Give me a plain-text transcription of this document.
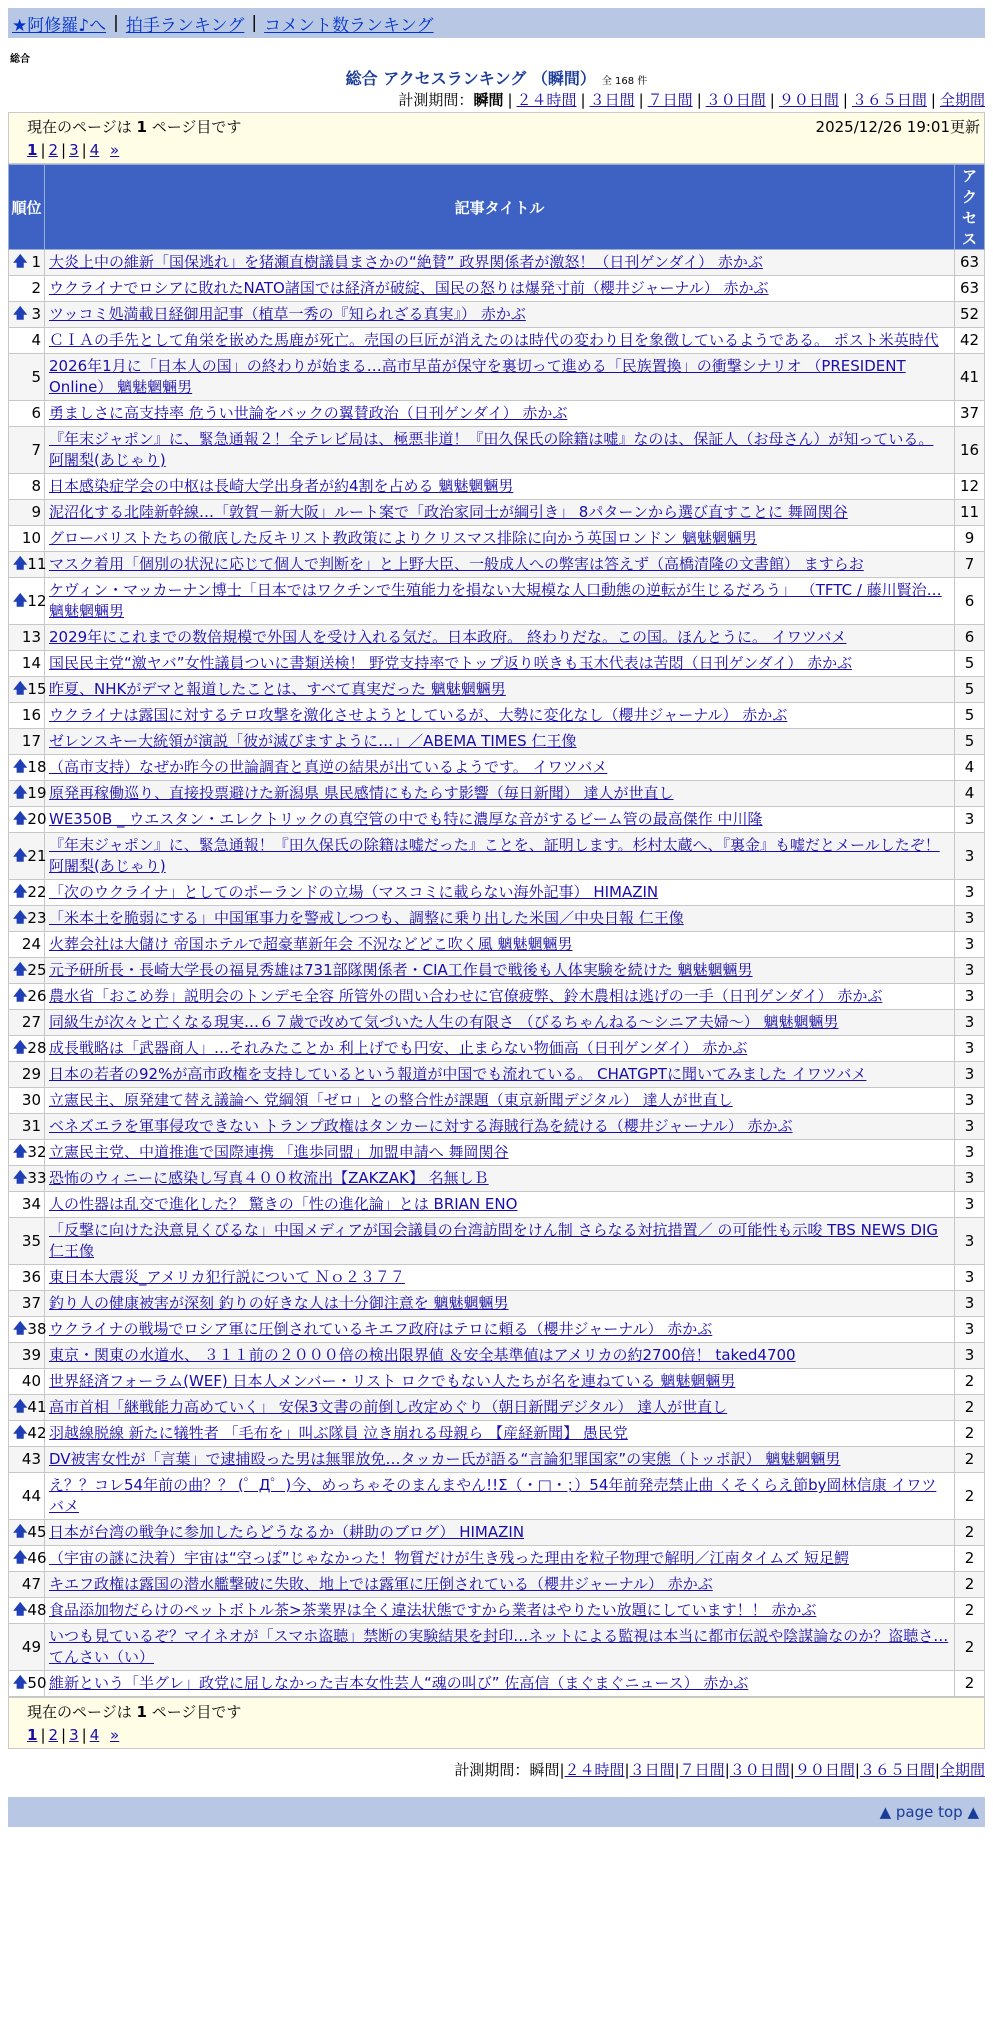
★阿修羅♪へ | 拍手ランキング | コメント数ランキング
総合
総合 アクセスランキング （瞬間） 全 168 件
計測期間：瞬間 | ２４時間 | ３日間 | ７日間 | ３０日間 | ９０日間 | ３６５日間 | 全期間
現在のページは 1 ページ目です	2025/12/26 19:01更新
1 | 2 | 3 | 4 »
順位	記事タイトル	アクセス

🡅 1	大炎上中の維新「国保逃れ」を猪瀬直樹議員まさかの“絶賛” 政界関係者が激怒！（日刊ゲンダイ） 赤かぶ	63
2	ウクライナでロシアに敗れたNATO諸国では経済が破綻、国民の怒りは爆発寸前（櫻井ジャーナル） 赤かぶ	63

🡅 3	ツッコミ処満載日経御用記事（植草一秀の『知られざる真実』） 赤かぶ	52
4	ＣＩＡの手先として角栄を嵌めた馬鹿が死亡。売国の巨匠が消えたのは時代の変わり目を象徴しているようである。 ポスト米英時代	42
5	2026年1月に「日本人の国」の終わりが始まる…高市早苗が保守を裏切って進める「民族置換」の衝撃シナリオ （PRESIDENT Online） 魑魅魍魎男	41
6	勇ましさに高支持率 危うい世論をバックの翼賛政治（日刊ゲンダイ） 赤かぶ	37
7	『年末ジャポン』に、緊急通報２！全テレビ局は、極悪非道！『田久保氏の除籍は嘘』なのは、保証人（お母さん）が知っている。 阿闍梨(あじゃり)	16
8	日本感染症学会の中枢は長崎大学出身者が約4割を占める 魑魅魍魎男	12
9	泥沼化する北陸新幹線…「敦賀－新大阪」ルート案で「政治家同士が綱引き」 8パターンから選び直すことに 舞岡関谷	11
10	グローバリストたちの徹底した反キリスト教政策によりクリスマス排除に向かう英国ロンドン 魑魅魍魎男	9

🡅 11	マスク着用「個別の状況に応じて個人で判断を」と上野大臣、一般成人への弊害は答えず（高橋清隆の文書館） ますらお	7

🡅 12	ケヴィン・マッカーナン博士「日本ではワクチンで生殖能力を損ない大規模な人口動態の逆転が生じるだろう」 （TFTC / 藤川賢治… 魑魅魍魎男	6
13	2029年にこれまでの数倍規模で外国人を受け入れる気だ。日本政府。 終わりだな。この国。ほんとうに。 イワツバメ	6
14	国民民主党“激ヤバ”女性議員ついに書類送検！ 野党支持率でトップ返り咲きも玉木代表は苦悶（日刊ゲンダイ） 赤かぶ	5

🡅 15	昨夏、NHKがデマと報道したことは、すべて真実だった 魑魅魍魎男	5
16	ウクライナは露国に対するテロ攻撃を激化させようとしているが、大勢に変化なし（櫻井ジャーナル） 赤かぶ	5
17	ゼレンスキー大統領が演説「彼が滅びますように…」／ABEMA TIMES 仁王像	5

🡅 18	（高市支持）なぜか昨今の世論調査と真逆の結果が出ているようです。 イワツバメ	4

🡅 19	原発再稼働巡り、直接投票避けた新潟県 県民感情にもたらす影響（毎日新聞） 達人が世直し	4

🡅 20	WE350B _ ウエスタン・エレクトリックの真空管の中でも特に濃厚な音がするビーム管の最高傑作 中川隆	3

🡅 21	『年末ジャポン』に、緊急通報！『田久保氏の除籍は嘘だった』ことを、証明します。杉村太蔵へ、『裏金』も嘘だとメールしたぞ！ 阿闍梨(あじゃり)	3

🡅 22	「次のウクライナ」としてのポーランドの立場（マスコミに載らない海外記事） HIMAZIN	3

🡅 23	「米本土を脆弱にする」中国軍事力を警戒しつつも、調整に乗り出した米国／中央日報 仁王像	3
24	火葬会社は大儲け 帝国ホテルで超豪華新年会 不況などどこ吹く風 魑魅魍魎男	3

🡅 25	元予研所長・長崎大学長の福見秀雄は731部隊関係者・CIA工作員で戦後も人体実験を続けた 魑魅魍魎男	3

🡅 26	農水省「おこめ券」説明会のトンデモ全容 所管外の問い合わせに官僚疲弊、鈴木農相は逃げの一手（日刊ゲンダイ） 赤かぶ	3
27	同級生が次々と亡くなる現実…６７歳で改めて気づいた人生の有限さ （びるちゃんねる～シニア夫婦～） 魑魅魍魎男	3

🡅 28	成長戦略は「武器商人」…それみたことか 利上げでも円安、止まらない物価高（日刊ゲンダイ） 赤かぶ	3
29	日本の若者の92%が高市政権を支持しているという報道が中国でも流れている。 CHATGPTに聞いてみました イワツバメ	3
30	立憲民主、原発建て替え議論へ 党綱領「ゼロ」との整合性が課題（東京新聞デジタル） 達人が世直し	3
31	ベネズエラを軍事侵攻できない トランプ政権はタンカーに対する海賊行為を続ける（櫻井ジャーナル） 赤かぶ	3

🡅 32	立憲民主党、中道推進で国際連携 「進歩同盟」加盟申請へ 舞岡関谷	3

🡅 33	恐怖のウィニーに感染し写真４００枚流出【ZAKZAK】 名無しＢ	3
34	人の性器は乱交で進化した？ 驚きの「性の進化論」とは BRIAN ENO	3
35	「反撃に向けた決意見くびるな」中国メディアが国会議員の台湾訪問をけん制 さらなる対抗措置／ の可能性も示唆 TBS NEWS DIG 仁王像	3
36	東日本大震災_アメリカ犯行説について Ｎｏ２３７７	3
37	釣り人の健康被害が深刻 釣りの好きな人は十分御注意を 魑魅魍魎男	3

🡅 38	ウクライナの戦場でロシア軍に圧倒されているキエフ政府はテロに頼る（櫻井ジャーナル） 赤かぶ	3
39	東京・関東の水道水、 ３１１前の２０００倍の検出限界値 ＆安全基準値はアメリカの約2700倍！ taked4700	3
40	世界経済フォーラム(WEF) 日本人メンバー・リスト ロクでもない人たちが名を連ねている 魑魅魍魎男	2

🡅 41	高市首相「継戦能力高めていく」 安保3文書の前倒し改定めぐり（朝日新聞デジタル） 達人が世直し	2

🡅 42	羽越線脱線 新たに犠牲者 「毛布を」叫ぶ隊員 泣き崩れる母親ら 【産経新聞】 愚民党	2
43	DV被害女性が「言葉」で逮捕殴った男は無罪放免…タッカー氏が語る“言論犯罪国家”の実態（トッポ訳） 魑魅魍魎男	2
44	え？？コレ54年前の曲？？ (゜Д゜)今、めっちゃそのまんまやん!!Σ（・□・；）54年前発売禁止曲 くそくらえ節by岡林信康 イワツバメ	2

🡅 45	日本が台湾の戦争に参加したらどうなるか（耕助のブログ） HIMAZIN	2

🡅 46	（宇宙の謎に決着）宇宙は“空っぽ”じゃなかった！物質だけが生き残った理由を粒子物理で解明／江南タイムズ 短足鰐	2
47	キエフ政権は露国の潜水艦撃破に失敗、地上では露軍に圧倒されている（櫻井ジャーナル） 赤かぶ	2

🡅 48	食品添加物だらけのペットボトル茶>茶業界は全く違法状態ですから業者はやりたい放題にしています！！ 赤かぶ	2
49	いつも見ているぞ？マイネオが「スマホ盗聴」禁断の実験結果を封印…ネットによる監視は本当に都市伝説や陰謀論なのか？盗聴さ… てんさい（い）	2

🡅 50	維新という「半グレ」政党に屈しなかった吉本女性芸人“魂の叫び” 佐高信（まぐまぐニュース） 赤かぶ	2
現在のページは 1 ページ目です
1 | 2 | 3 | 4 »
計測期間：瞬間|２４時間|３日間|７日間|３０日間|９０日間|３６５日間|全期間
▲ page top ▲
